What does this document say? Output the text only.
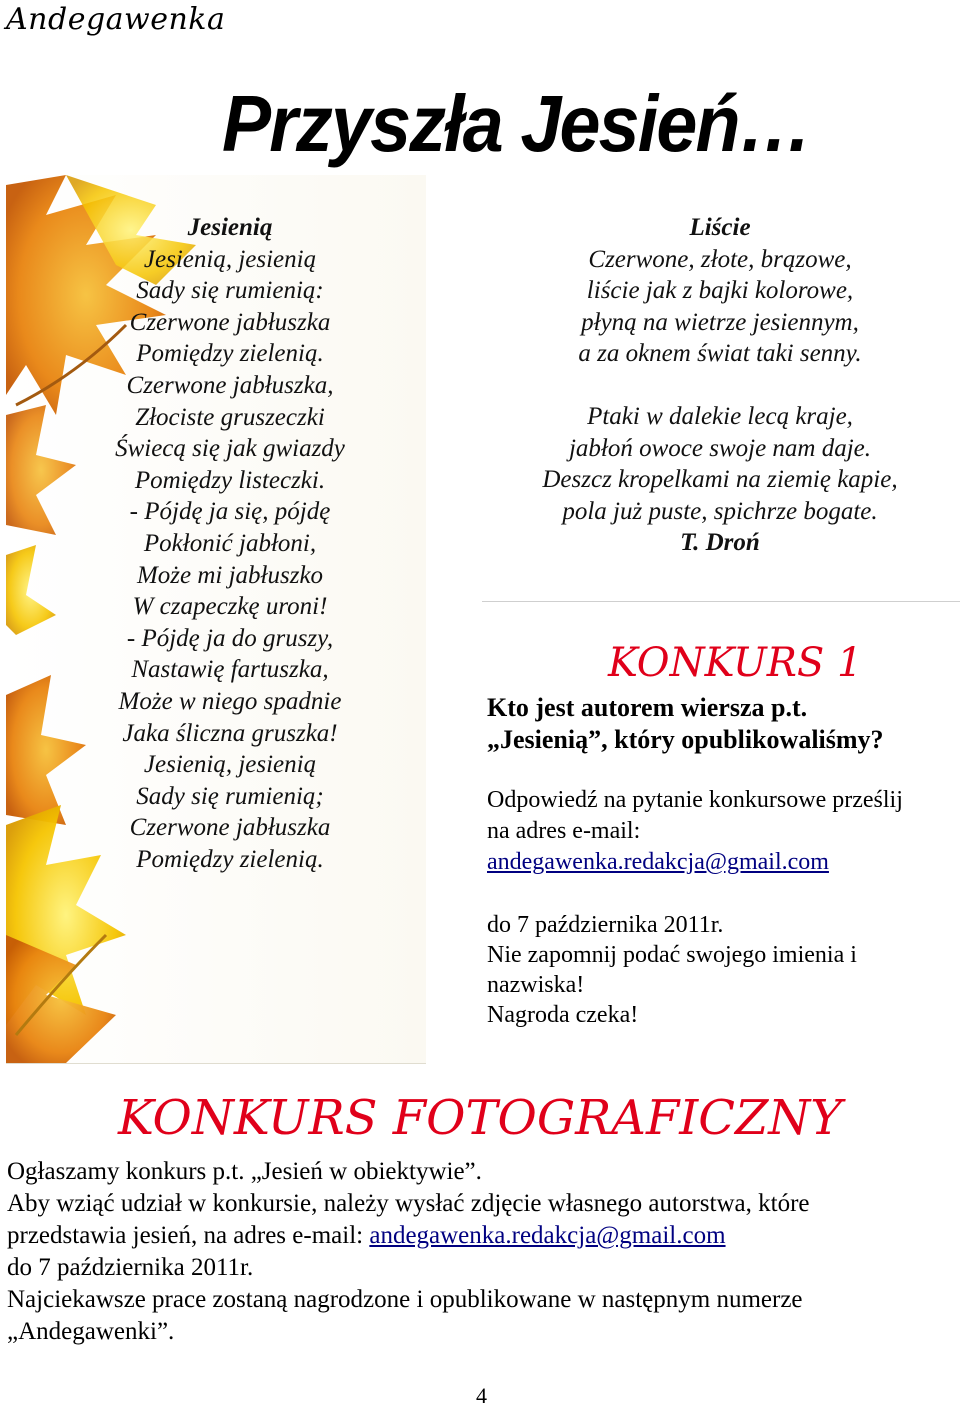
Andegawenka
Przyszła Jesień…
Jesienią
Jesienią, jesienią
Sady się rumienią:
Czerwone jabłuszka
Pomiędzy zielenią.
Czerwone jabłuszka,
Złociste gruszeczki
Świecą się jak gwiazdy
Pomiędzy listeczki.
- Pójdę ja się, pójdę
Pokłonić jabłoni,
Może mi jabłuszko
W czapeczkę uroni!
- Pójdę ja do gruszy,
Nastawię fartuszka,
Może w niego spadnie
Jaka śliczna gruszka!
Jesienią, jesienią
Sady się rumienią;
Czerwone jabłuszka
Pomiędzy zielenią.
Liście
Czerwone, złote, brązowe,
liście jak z bajki kolorowe,
płyną na wietrze jesiennym,
a za oknem świat taki senny.
Ptaki w dalekie lecą kraje,
jabłoń owoce swoje nam daje.
Deszcz kropelkami na ziemię kapie,
pola już puste, spichrze bogate.
T. Droń
KONKURS 1
Kto jest autorem wiersza p.t.
„Jesienią”, który opublikowaliśmy?
Odpowiedź na pytanie konkursowe prześlij
na adres e-mail:
andegawenka.redakcja@gmail.com
do 7 października 2011r.
Nie zapomnij podać swojego imienia i nazwiska!
Nagroda czeka!
KONKURS FOTOGRAFICZNY
Ogłaszamy konkurs p.t. „Jesień w obiektywie”.
Aby wziąć udział w konkursie, należy wysłać zdjęcie własnego autorstwa, które
przedstawia jesień, na adres e-mail: andegawenka.redakcja@gmail.com
do 7 października 2011r.
Najciekawsze prace zostaną nagrodzone i opublikowane w następnym numerze
„Andegawenki”.
4
